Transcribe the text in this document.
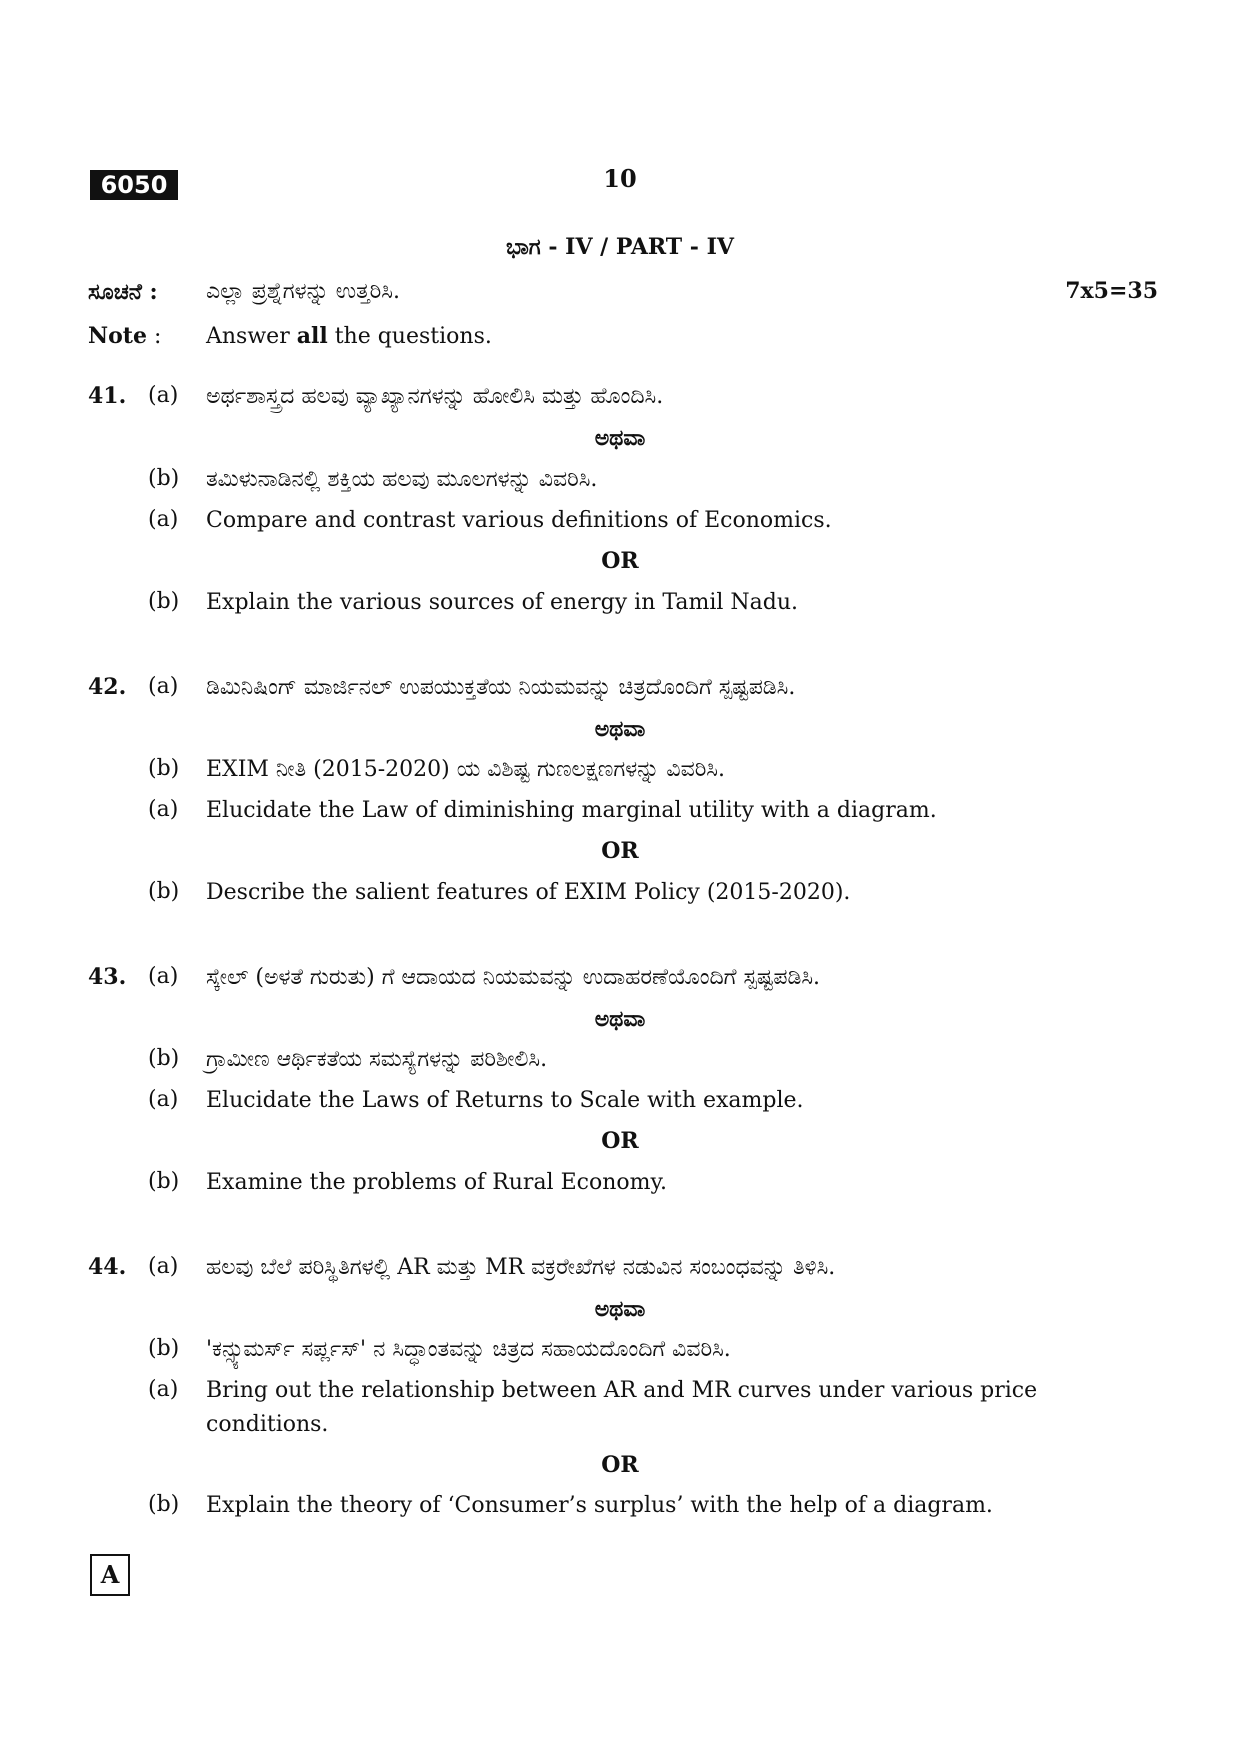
6050	10
ಭಾಗ - IV / PART - IV
ಸೂಚನೆ : ಎಲ್ಲಾ ಪ್ರಶ್ನೆಗಳನ್ನು ಉತ್ತರಿಸಿ.	7x5=35
Note : Answer all the questions.
41. (a) ಅರ್ಥಶಾಸ್ತ್ರದ ಹಲವು ವ್ಯಾಖ್ಯಾನಗಳನ್ನು ಹೋಲಿಸಿ ಮತ್ತು ಹೊಂದಿಸಿ.
ಅಥವಾ
(b) ತಮಿಳುನಾಡಿನಲ್ಲಿ ಶಕ್ತಿಯ ಹಲವು ಮೂಲಗಳನ್ನು ವಿವರಿಸಿ.
(a) Compare and contrast various definitions of Economics.
OR
(b) Explain the various sources of energy in Tamil Nadu.
42. (a) ಡಿಮಿನಿಷಿಂಗ್ ಮಾರ್ಜಿನಲ್ ಉಪಯುಕ್ತತೆಯ ನಿಯಮವನ್ನು ಚಿತ್ರದೊಂದಿಗೆ ಸ್ಪಷ್ಟಪಡಿಸಿ.
ಅಥವಾ
(b) EXIM ನೀತಿ (2015-2020) ಯ ವಿಶಿಷ್ಟ ಗುಣಲಕ್ಷಣಗಳನ್ನು ವಿವರಿಸಿ.
(a) Elucidate the Law of diminishing marginal utility with a diagram.
OR
(b) Describe the salient features of EXIM Policy (2015-2020).
43. (a) ಸ್ಕೇಲ್ (ಅಳತೆ ಗುರುತು) ಗೆ ಆದಾಯದ ನಿಯಮವನ್ನು ಉದಾಹರಣೆಯೊಂದಿಗೆ ಸ್ಪಷ್ಟಪಡಿಸಿ.
ಅಥವಾ
(b) ಗ್ರಾಮೀಣ ಆರ್ಥಿಕತೆಯ ಸಮಸ್ಯೆಗಳನ್ನು ಪರಿಶೀಲಿಸಿ.
(a) Elucidate the Laws of Returns to Scale with example.
OR
(b) Examine the problems of Rural Economy.
44. (a) ಹಲವು ಬೆಲೆ ಪರಿಸ್ಥಿತಿಗಳಲ್ಲಿ AR ಮತ್ತು MR ವಕ್ರರೇಖೆಗಳ ನಡುವಿನ ಸಂಬಂಧವನ್ನು ತಿಳಿಸಿ.
ಅಥವಾ
(b) 'ಕನ್ಸ್ಯುಮರ್ಸ್ ಸರ್ಪ್ಲಸ್' ನ ಸಿದ್ಧಾಂತವನ್ನು ಚಿತ್ರದ ಸಹಾಯದೊಂದಿಗೆ ವಿವರಿಸಿ.
(a) Bring out the relationship between AR and MR curves under various price
conditions.
OR
(b) Explain the theory of ‘Consumer’s surplus’ with the help of a diagram.
A
